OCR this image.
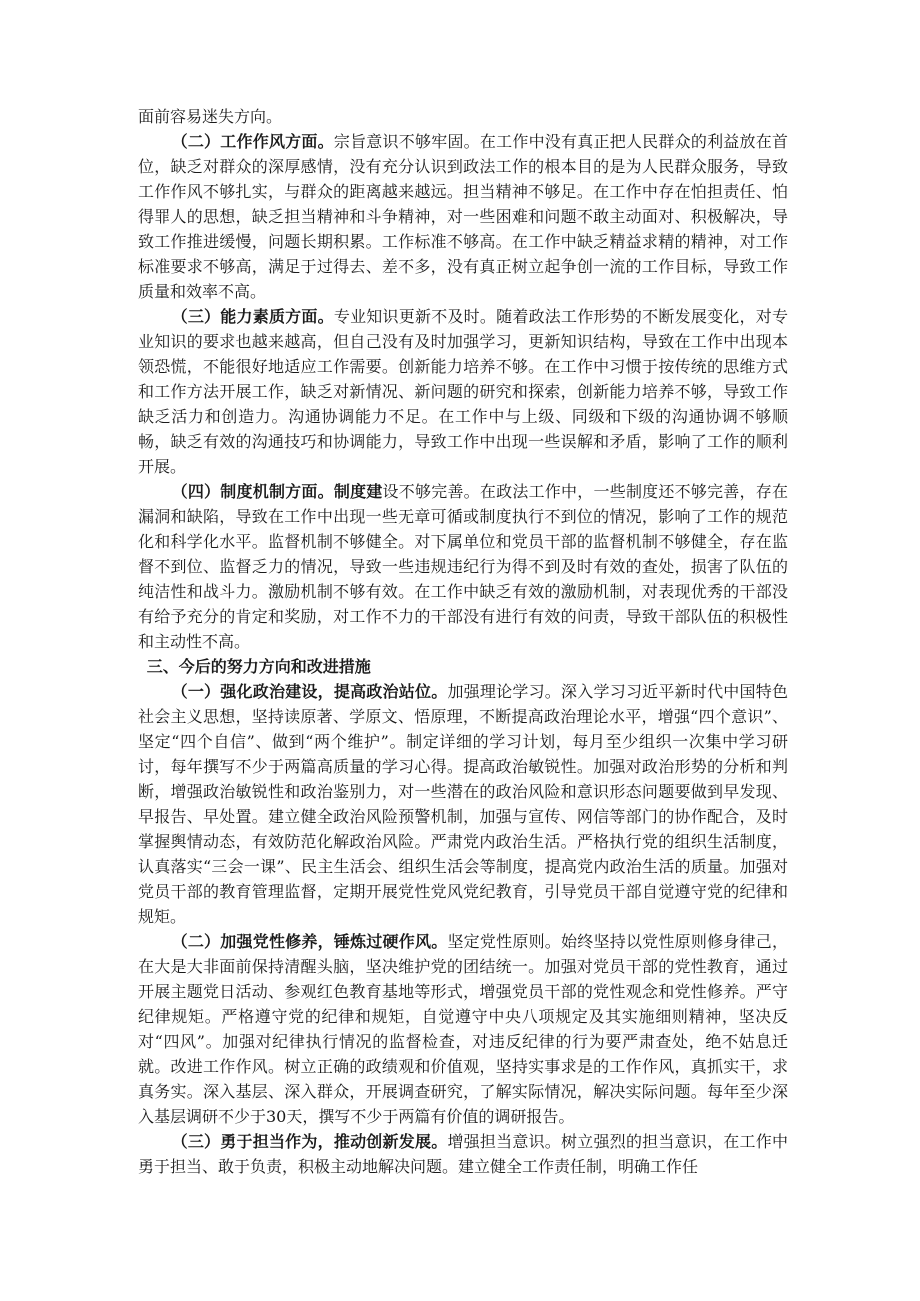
面前容易迷失方向。

（二）工作作风方面。宗旨意识不够牢固。在工作中没有真正把人民群众的利益放在首位，缺乏对群众的深厚感情，没有充分认识到政法工作的根本目的是为人民群众服务，导致工作作风不够扎实，与群众的距离越来越远。担当精神不够足。在工作中存在怕担责任、怕得罪人的思想，缺乏担当精神和斗争精神，对一些困难和问题不敢主动面对、积极解决，导致工作推进缓慢，问题长期积累。工作标准不够高。在工作中缺乏精益求精的精神，对工作标准要求不够高，满足于过得去、差不多，没有真正树立起争创一流的工作目标，导致工作质量和效率不高。

（三）能力素质方面。专业知识更新不及时。随着政法工作形势的不断发展变化，对专业知识的要求也越来越高，但自己没有及时加强学习，更新知识结构，导致在工作中出现本领恐慌，不能很好地适应工作需要。创新能力培养不够。在工作中习惯于按传统的思维方式和工作方法开展工作，缺乏对新情况、新问题的研究和探索，创新能力培养不够，导致工作缺乏活力和创造力。沟通协调能力不足。在工作中与上级、同级和下级的沟通协调不够顺畅，缺乏有效的沟通技巧和协调能力，导致工作中出现一些误解和矛盾，影响了工作的顺利开展。

（四）制度机制方面。制度建设不够完善。在政法工作中，一些制度还不够完善，存在漏洞和缺陷，导致在工作中出现一些无章可循或制度执行不到位的情况，影响了工作的规范化和科学化水平。监督机制不够健全。对下属单位和党员干部的监督机制不够健全，存在监督不到位、监督乏力的情况，导致一些违规违纪行为得不到及时有效的查处，损害了队伍的纯洁性和战斗力。激励机制不够有效。在工作中缺乏有效的激励机制，对表现优秀的干部没有给予充分的肯定和奖励，对工作不力的干部没有进行有效的问责，导致干部队伍的积极性和主动性不高。

三、今后的努力方向和改进措施

（一）强化政治建设，提高政治站位。加强理论学习。深入学习习近平新时代中国特色社会主义思想，坚持读原著、学原文、悟原理，不断提高政治理论水平，增强“四个意识”、坚定“四个自信”、做到“两个维护”。制定详细的学习计划，每月至少组织一次集中学习研讨，每年撰写不少于两篇高质量的学习心得。提高政治敏锐性。加强对政治形势的分析和判断，增强政治敏锐性和政治鉴别力，对一些潜在的政治风险和意识形态问题要做到早发现、早报告、早处置。建立健全政治风险预警机制，加强与宣传、网信等部门的协作配合，及时掌握舆情动态，有效防范化解政治风险。严肃党内政治生活。严格执行党的组织生活制度，认真落实“三会一课”、民主生活会、组织生活会等制度，提高党内政治生活的质量。加强对党员干部的教育管理监督，定期开展党性党风党纪教育，引导党员干部自觉遵守党的纪律和规矩。

（二）加强党性修养，锤炼过硬作风。坚定党性原则。始终坚持以党性原则修身律己，在大是大非面前保持清醒头脑，坚决维护党的团结统一。加强对党员干部的党性教育，通过开展主题党日活动、参观红色教育基地等形式，增强党员干部的党性观念和党性修养。严守纪律规矩。严格遵守党的纪律和规矩，自觉遵守中央八项规定及其实施细则精神，坚决反对“四风”。加强对纪律执行情况的监督检查，对违反纪律的行为要严肃查处，绝不姑息迁就。改进工作作风。树立正确的政绩观和价值观，坚持实事求是的工作作风，真抓实干，求真务实。深入基层、深入群众，开展调查研究，了解实际情况，解决实际问题。每年至少深入基层调研不少于30天，撰写不少于两篇有价值的调研报告。

（三）勇于担当作为，推动创新发展。增强担当意识。树立强烈的担当意识，在工作中勇于担当、敢于负责，积极主动地解决问题。建立健全工作责任制，明确工作任
